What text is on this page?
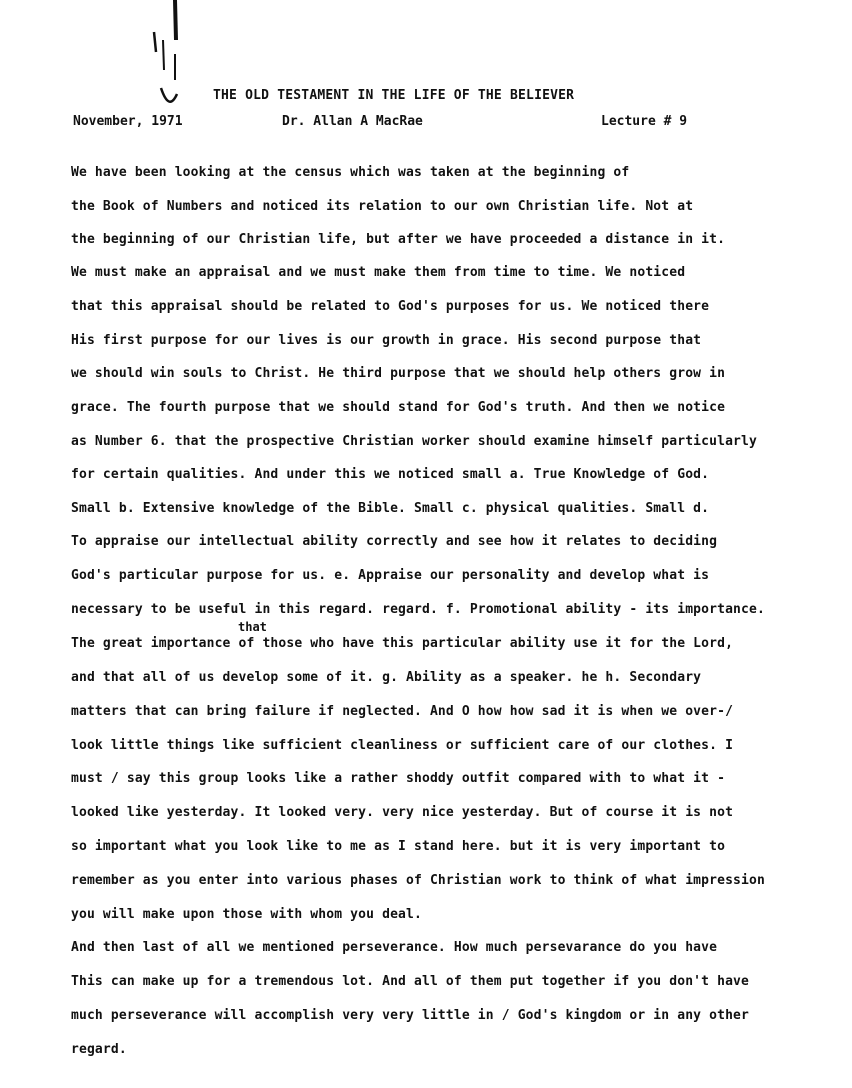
THE OLD TESTAMENT IN THE LIFE OF THE BELIEVER
November, 1971	Dr. Allan A MacRae	Lecture # 9
that
We have been looking at the census which was taken at the beginning of
the Book of Numbers and noticed its relation to our own Christian life. Not at
the beginning of our Christian life, but after we have proceeded a distance in it.
We must make an appraisal and we must make them from time to time. We noticed
that this appraisal should be related to God's purposes for us. We noticed there
His first purpose for our lives is our growth in grace. His second purpose that
we should win souls to Christ. He third purpose that we should help others grow in
grace. The fourth purpose that we should stand for God's truth. And then we notice
as Number 6. that the prospective Christian worker should examine himself particularly
for certain qualities. And under this we noticed small a. True Knowledge of God.
Small b. Extensive knowledge of the Bible. Small c. physical qualities. Small d.
To appraise our intellectual ability correctly and see how it relates to deciding
God's particular purpose for us. e. Appraise our personality and develop what is
necessary to be useful in this regard. regard. f. Promotional ability - its importance.
The great importance of those who have this particular ability use it for the Lord,
and that all of us develop some of it. g. Ability as a speaker. he h. Secondary
matters that can bring failure if neglected. And O how how sad it is when we over-/
look little things like sufficient cleanliness or sufficient care of our clothes. I
must / say this group looks like a rather shoddy outfit compared with to what it -
looked like yesterday. It looked very. very nice yesterday. But of course it is not
so important what you look like to me as I stand here. but it is very important to
remember as you enter into various phases of Christian work to think of what impression
you will make upon those with whom you deal.
And then last of all we mentioned perseverance. How much persevarance do you have
This can make up for a tremendous lot. And all of them put together if you don't have
much perseverance will accomplish very very little in / God's kingdom or in any other
regard.
